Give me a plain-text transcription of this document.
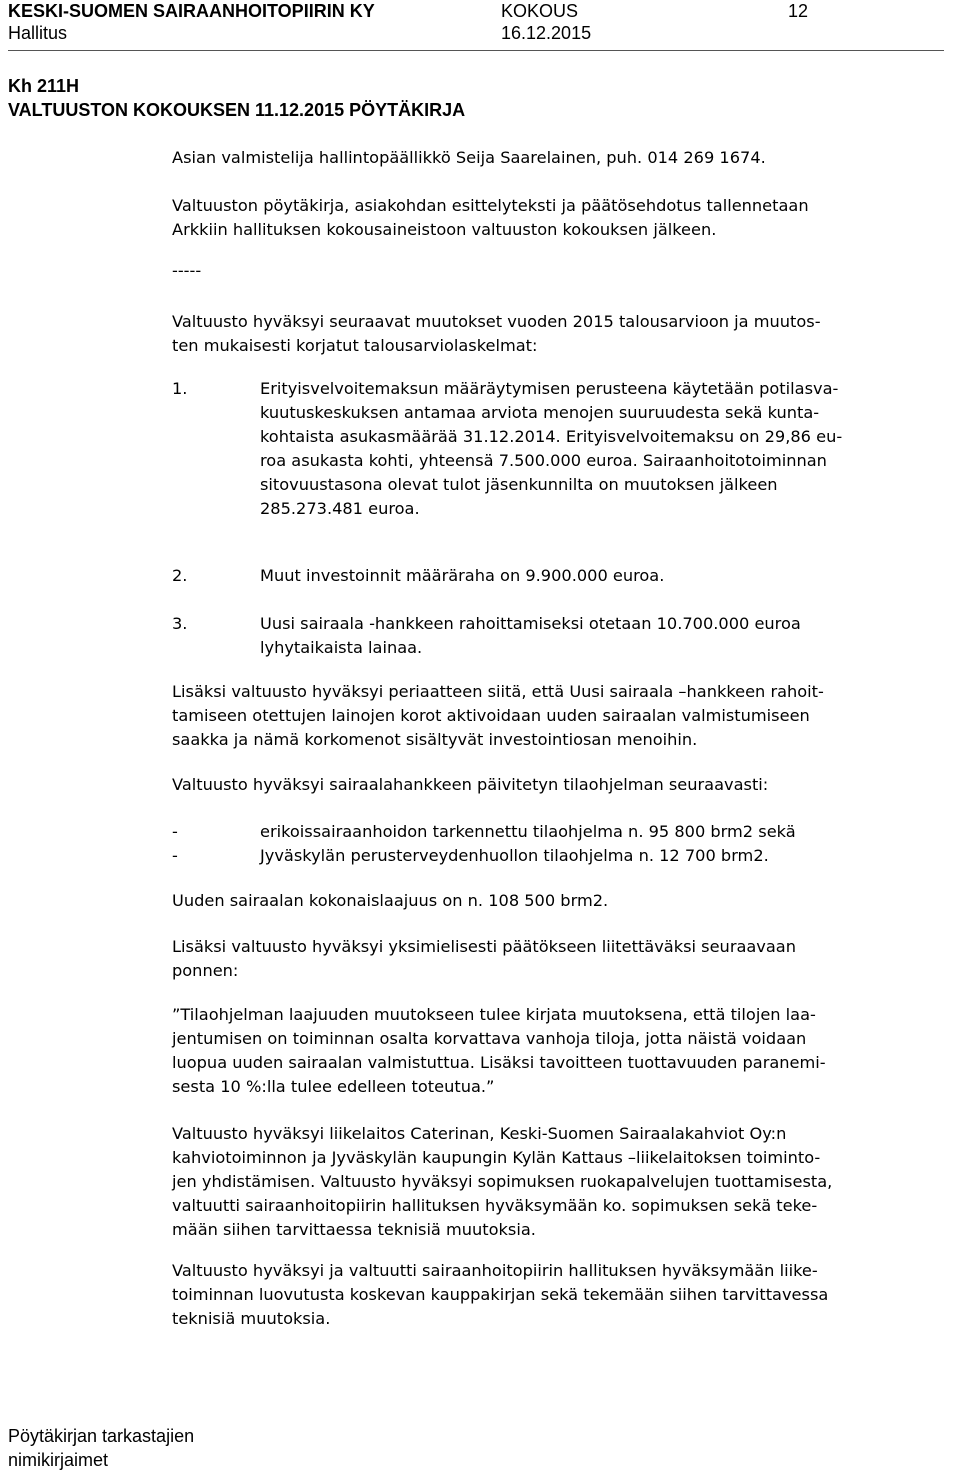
KESKI-SUOMEN SAIRAANHOITOPIIRIN KY	KOKOUS	12
Hallitus	16.12.2015
Kh 211H
VALTUUSTON KOKOUKSEN 11.12.2015 PÖYTÄKIRJA
Asian valmistelija hallintopäällikkö Seija Saarelainen, puh. 014 269 1674.
Valtuuston pöytäkirja, asiakohdan esittelyteksti ja päätösehdotus tallennetaan
Arkkiin hallituksen kokousaineistoon valtuuston kokouksen jälkeen.
-----
Valtuusto hyväksyi seuraavat muutokset vuoden 2015 talousarvioon ja muutos-
ten mukaisesti korjatut talousarviolaskelmat:
1.	Erityisvelvoitemaksun määräytymisen perusteena käytetään potilasva-
kuutuskeskuksen antamaa arviota menojen suuruudesta sekä kunta-
kohtaista asukasmäärää 31.12.2014. Erityisvelvoitemaksu on 29,86 eu-
roa asukasta kohti, yhteensä 7.500.000 euroa. Sairaanhoitotoiminnan
sitovuustasona olevat tulot jäsenkunnilta on muutoksen jälkeen
285.273.481 euroa.
2.	Muut investoinnit määräraha on 9.900.000 euroa.
3.	Uusi sairaala -hankkeen rahoittamiseksi otetaan 10.700.000 euroa
lyhytaikaista lainaa.
Lisäksi valtuusto hyväksyi periaatteen siitä, että Uusi sairaala –hankkeen rahoit-
tamiseen otettujen lainojen korot aktivoidaan uuden sairaalan valmistumiseen
saakka ja nämä korkomenot sisältyvät investointiosan menoihin.
Valtuusto hyväksyi sairaalahankkeen päivitetyn tilaohjelman seuraavasti:
-	erikoissairaanhoidon tarkennettu tilaohjelma n. 95 800 brm2 sekä
-	Jyväskylän perusterveydenhuollon tilaohjelma n. 12 700 brm2.
Uuden sairaalan kokonaislaajuus on n. 108 500 brm2.
Lisäksi valtuusto hyväksyi yksimielisesti päätökseen liitettäväksi seuraavaan
ponnen:
”Tilaohjelman laajuuden muutokseen tulee kirjata muutoksena, että tilojen laa-
jentumisen on toiminnan osalta korvattava vanhoja tiloja, jotta näistä voidaan
luopua uuden sairaalan valmistuttua. Lisäksi tavoitteen tuottavuuden paranemi-
sesta 10 %:lla tulee edelleen toteutua.”
Valtuusto hyväksyi liikelaitos Caterinan, Keski-Suomen Sairaalakahviot Oy:n
kahviotoiminnon ja Jyväskylän kaupungin Kylän Kattaus –liikelaitoksen toiminto-
jen yhdistämisen. Valtuusto hyväksyi sopimuksen ruokapalvelujen tuottamisesta,
valtuutti sairaanhoitopiirin hallituksen hyväksymään ko. sopimuksen sekä teke-
mään siihen tarvittaessa teknisiä muutoksia.
Valtuusto hyväksyi ja valtuutti sairaanhoitopiirin hallituksen hyväksymään liike-
toiminnan luovutusta koskevan kauppakirjan sekä tekemään siihen tarvittavessa
teknisiä muutoksia.
Pöytäkirjan tarkastajien
nimikirjaimet
